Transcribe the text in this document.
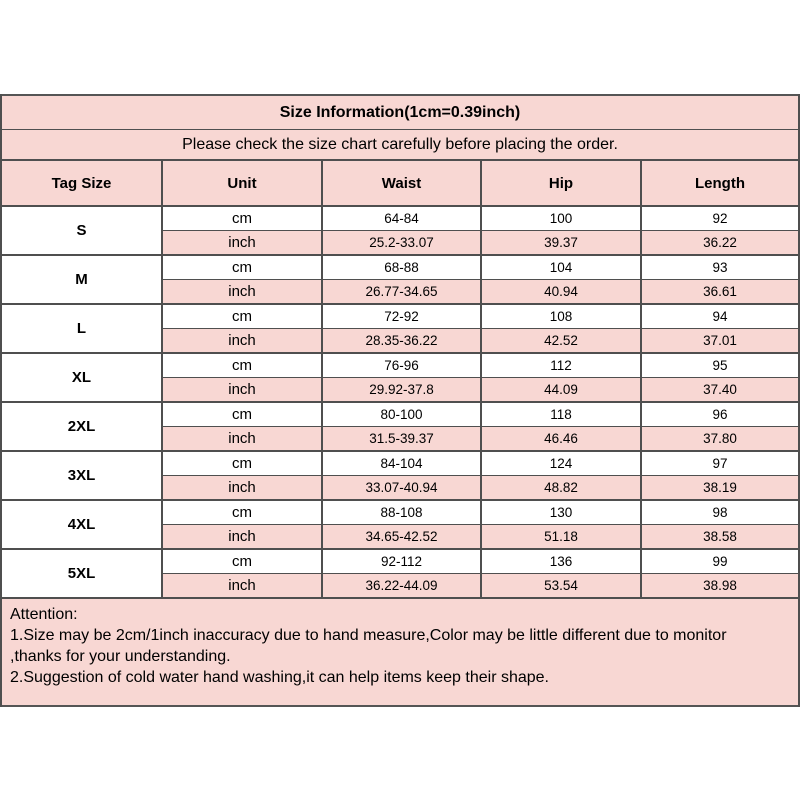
Size Information(1cm=0.39inch)				
Please check the size chart carefully before placing the order.				
Tag Size	Unit	Waist	Hip	Length
S	cm	64-84	100	92
	inch	25.2-33.07	39.37	36.22
M	cm	68-88	104	93
	inch	26.77-34.65	40.94	36.61
L	cm	72-92	108	94
	inch	28.35-36.22	42.52	37.01
XL	cm	76-96	112	95
	inch	29.92-37.8	44.09	37.40
2XL	cm	80-100	118	96
	inch	31.5-39.37	46.46	37.80
3XL	cm	84-104	124	97
	inch	33.07-40.94	48.82	38.19
4XL	cm	88-108	130	98
	inch	34.65-42.52	51.18	38.58
5XL	cm	92-112	136	99
	inch	36.22-44.09	53.54	38.98

Attention:
1.Size may be 2cm/1inch inaccuracy due to hand measure,Color may be little different due to monitor
,thanks for your understanding.
2.Suggestion of cold water hand washing,it can help items keep their shape.				
